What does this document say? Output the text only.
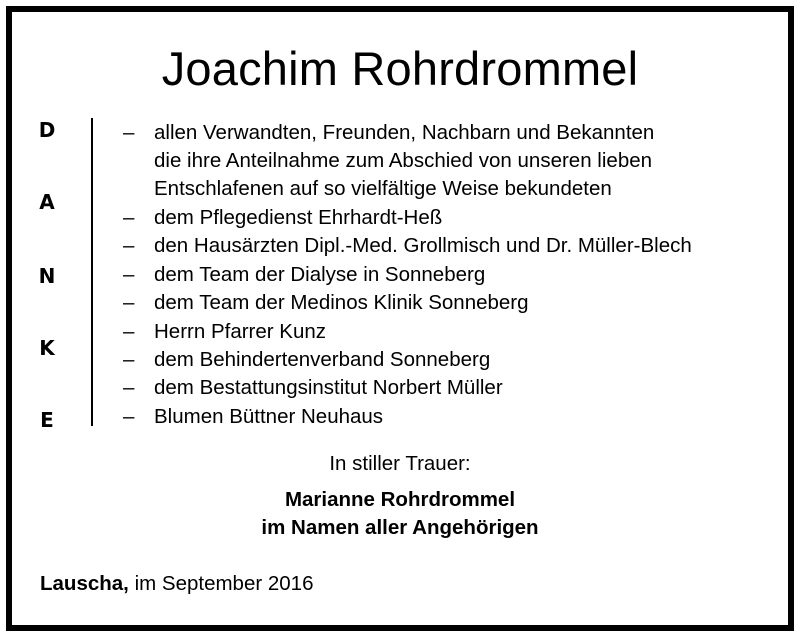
Joachim Rohrdrommel
D
A
N
K
E
– allen Verwandten, Freunden, Nachbarn und Bekannten
die ihre Anteilnahme zum Abschied von unseren lieben
Entschlafenen auf so vielfältige Weise bekundeten
– dem Pflegedienst Ehrhardt-Heß
– den Hausärzten Dipl.-Med. Grollmisch und Dr. Müller-Blech
– dem Team der Dialyse in Sonneberg
– dem Team der Medinos Klinik Sonneberg
– Herrn Pfarrer Kunz
– dem Behindertenverband Sonneberg
– dem Bestattungsinstitut Norbert Müller
– Blumen Büttner Neuhaus
In stiller Trauer:
Marianne Rohrdrommel
im Namen aller Angehörigen
Lauscha, im September 2016
